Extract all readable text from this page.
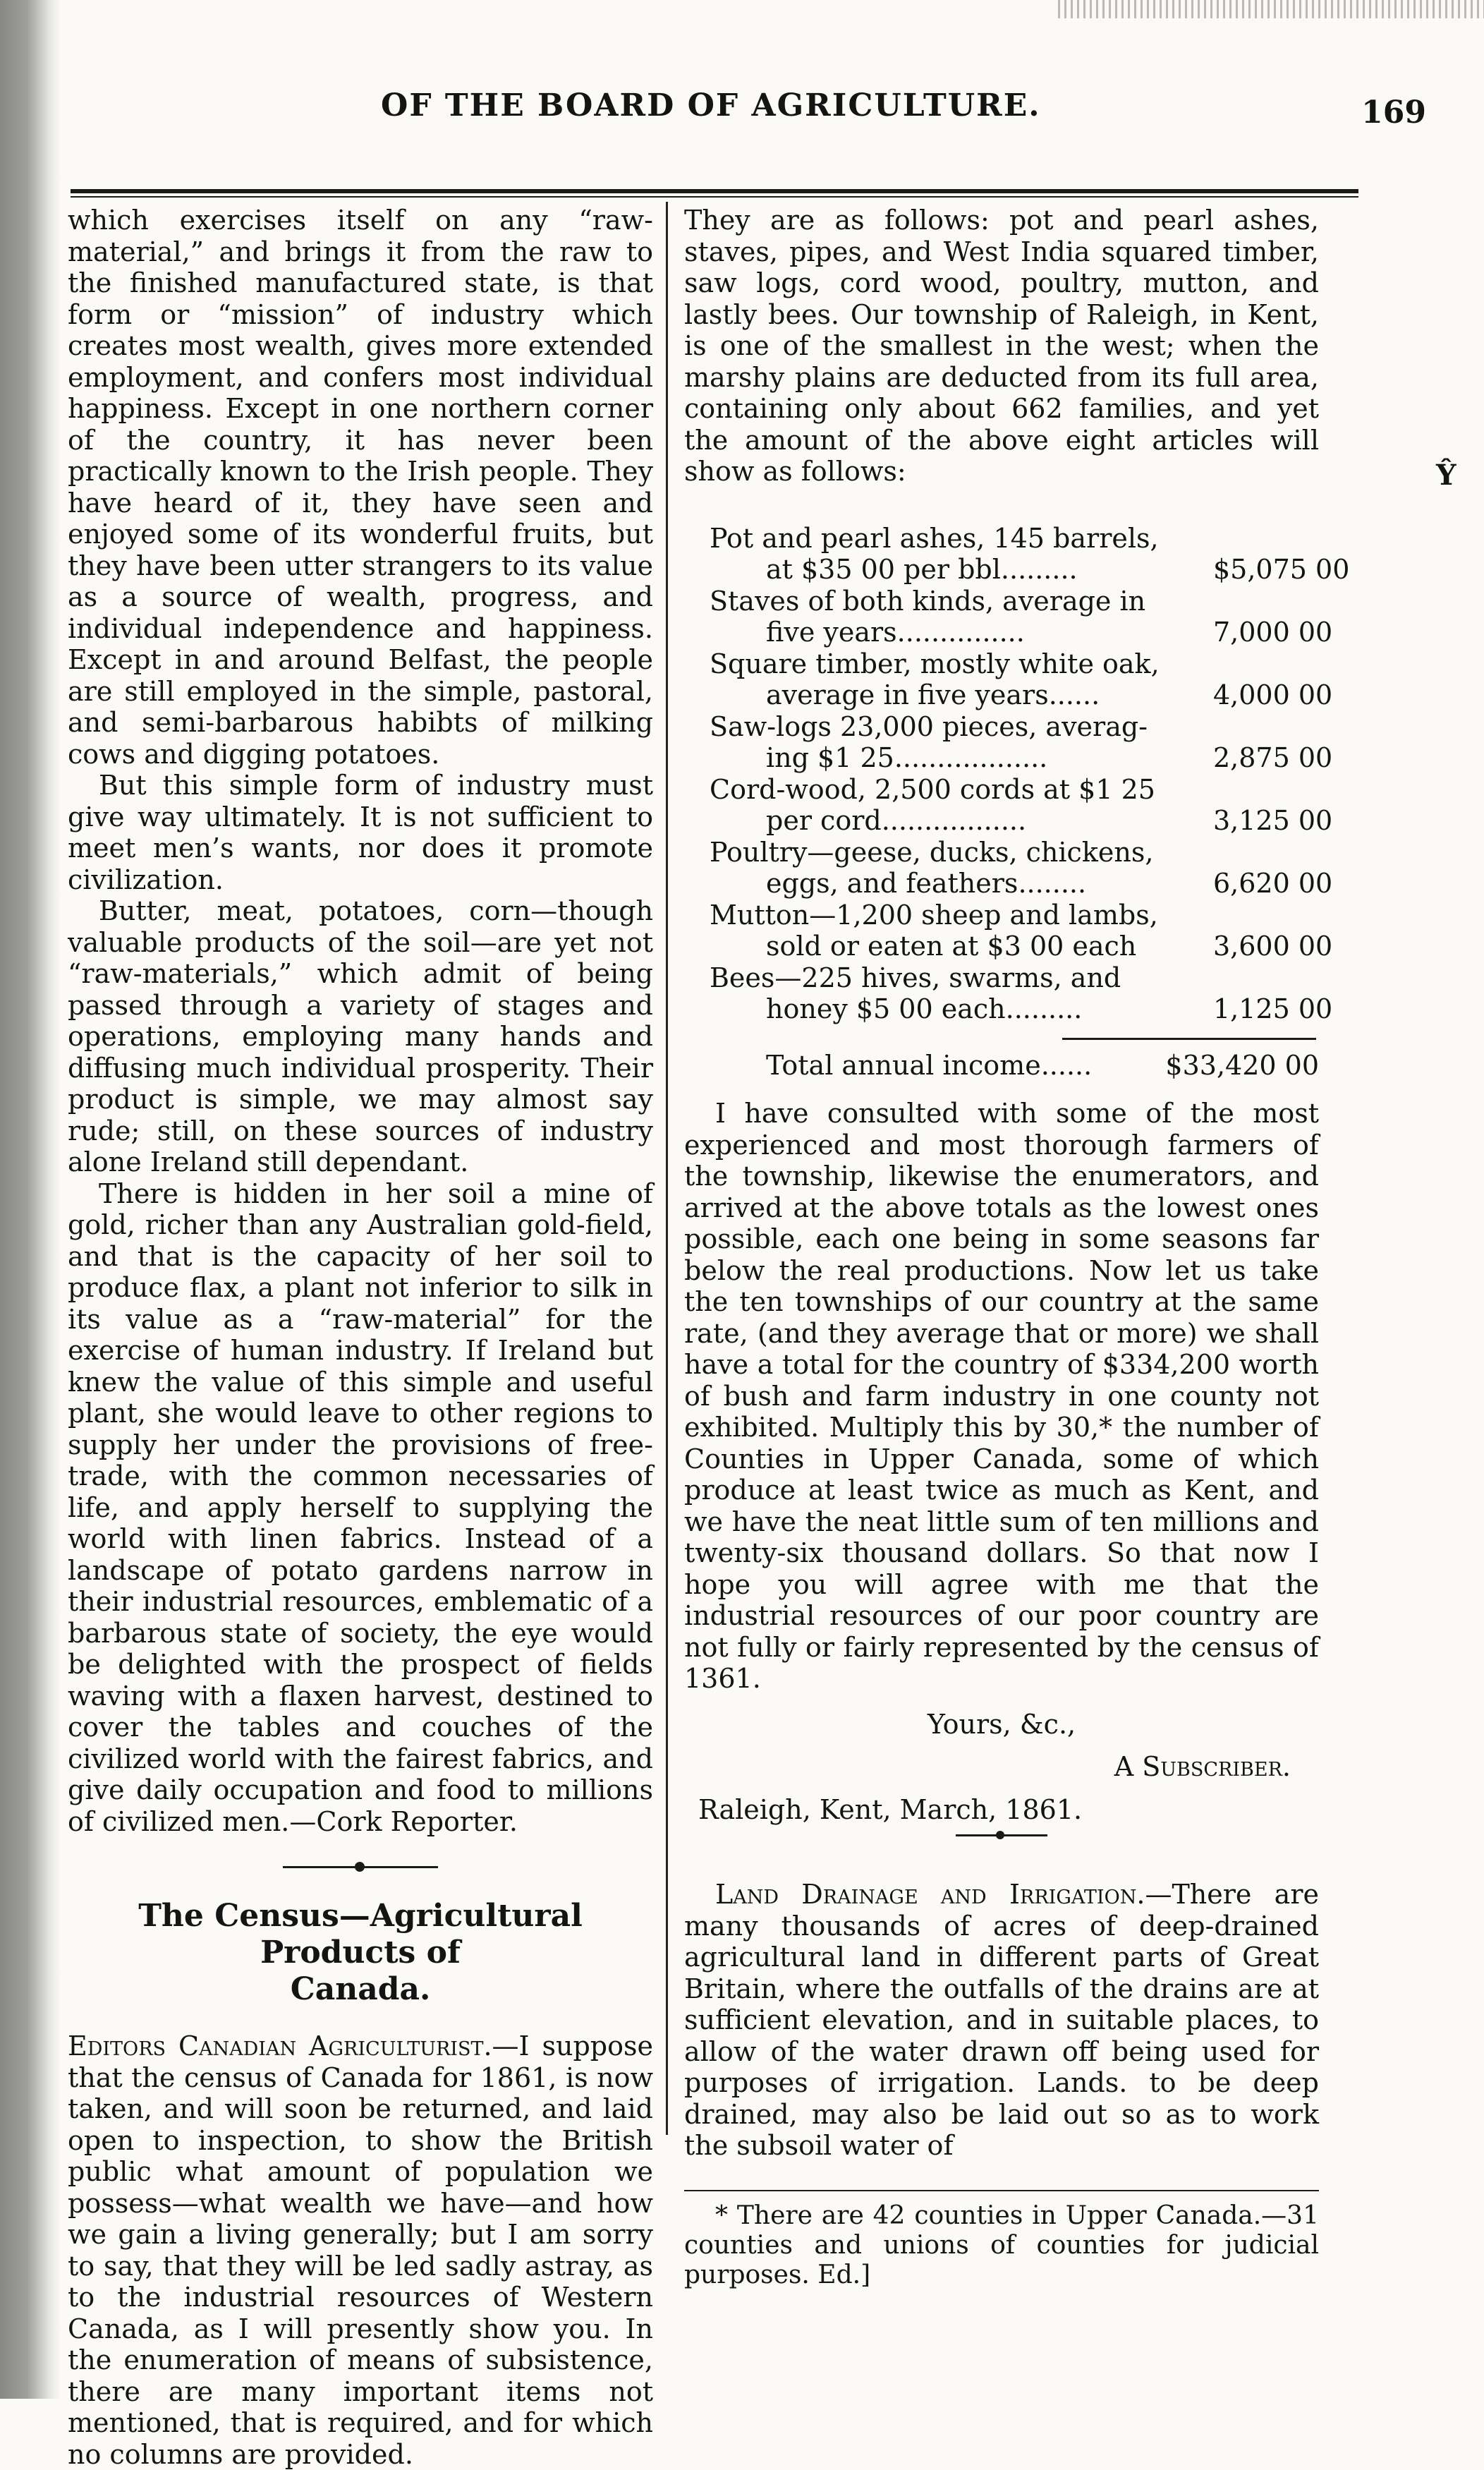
OF THE BOARD OF AGRICULTURE.	169

which exercises itself on any “raw-material,” and brings it from the raw to the finished manufactured state, is that form or “mission” of industry which creates most wealth, gives more extended employment, and confers most individual happiness. Except in one northern corner of the country, it has never been practically known to the Irish people. They have heard of it, they have seen and enjoyed some of its wonderful fruits, but they have been utter strangers to its value as a source of wealth, progress, and individual independence and happiness. Except in and around Belfast, the people are still employed in the simple, pastoral, and semi-barbarous habibts of milking cows and digging potatoes.

But this simple form of industry must give way ultimately. It is not sufficient to meet men’s wants, nor does it promote civilization.

Butter, meat, potatoes, corn—though valuable products of the soil—are yet not “raw-materials,” which admit of being passed through a variety of stages and operations, employing many hands and diffusing much individual prosperity. Their product is simple, we may almost say rude; still, on these sources of industry alone Ireland still dependant.

There is hidden in her soil a mine of gold, richer than any Australian gold-field, and that is the capacity of her soil to produce flax, a plant not inferior to silk in its value as a “raw-material” for the exercise of human industry. If Ireland but knew the value of this simple and useful plant, she would leave to other regions to supply her under the provisions of free-trade, with the common necessaries of life, and apply herself to supplying the world with linen fabrics. Instead of a landscape of potato gardens narrow in their industrial resources, emblematic of a barbarous state of society, the eye would be delighted with the prospect of fields waving with a flaxen harvest, destined to cover the tables and couches of the civilized world with the fairest fabrics, and give daily occupation and food to millions of civilized men.—Cork Reporter.

The Census—Agricultural Products of
Canada.

Editors Canadian Agriculturist.—I suppose that the census of Canada for 1861, is now taken, and will soon be returned, and laid open to inspection, to show the British public what amount of population we possess—what wealth we have—and how we gain a living generally; but I am sorry to say, that they will be led sadly astray, as to the industrial resources of Western Canada, as I will presently show you. In the enumeration of means of subsistence, there are many important items not mentioned, that is required, and for which no columns are provided.

They are as follows: pot and pearl ashes, staves, pipes, and West India squared timber, saw logs, cord wood, poultry, mutton, and lastly bees. Our township of Raleigh, in Kent, is one of the smallest in the west; when the marshy plains are deducted from its full area, containing only about 662 families, and yet the amount of the above eight articles will show as follows:

Pot and pearl ashes, 145 barrels,
at $35 00 per bbl.........	$5,075 00
Staves of both kinds, average in
five years...............	7,000 00
Square timber, mostly white oak,
average in five years......	4,000 00
Saw-logs 23,000 pieces, averag-
ing $1 25..................	2,875 00
Cord-wood, 2,500 cords at $1 25
per cord.................	3,125 00
Poultry—geese, ducks, chickens,
eggs, and feathers........	6,620 00
Mutton—1,200 sheep and lambs,
sold or eaten at $3 00 each	3,600 00
Bees—225 hives, swarms, and
honey $5 00 each.........	1,125 00
Total annual income......	$33,420 00

I have consulted with some of the most experienced and most thorough farmers of the township, likewise the enumerators, and arrived at the above totals as the lowest ones possible, each one being in some seasons far below the real productions. Now let us take the ten townships of our country at the same rate, (and they average that or more) we shall have a total for the country of $334,200 worth of bush and farm industry in one county not exhibited. Multiply this by 30,* the number of Counties in Upper Canada, some of which produce at least twice as much as Kent, and we have the neat little sum of ten millions and twenty-six thousand dollars. So that now I hope you will agree with me that the industrial resources of our poor country are not fully or fairly represented by the census of 1361.

Yours, &c.,
A Subscriber.
Raleigh, Kent, March, 1861.

Land Drainage and Irrigation.—There are many thousands of acres of deep-drained agricultural land in different parts of Great Britain, where the outfalls of the drains are at sufficient elevation, and in suitable places, to allow of the water drawn off being used for purposes of irrigation. Lands. to be deep drained, may also be laid out so as to work the subsoil water of

* There are 42 counties in Upper Canada.—31 counties and unions of counties for judicial purposes. Ed.]

Ŷ
